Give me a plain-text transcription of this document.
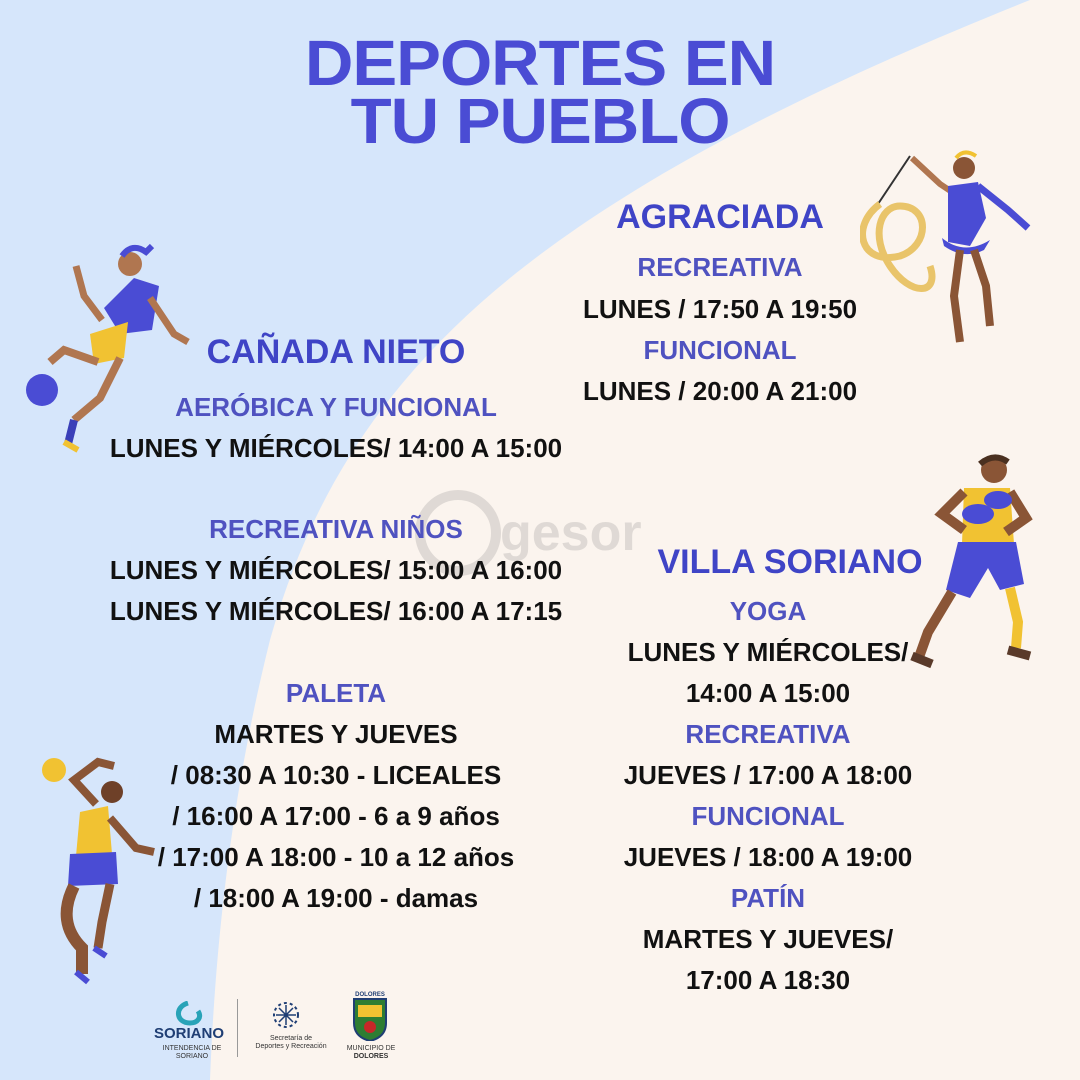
gesor
DEPORTES EN
TU PUEBLO
AGRACIADA
RECREATIVA
LUNES / 17:50 A 19:50
FUNCIONAL
LUNES / 20:00 A 21:00
CAÑADA NIETO
AERÓBICA Y FUNCIONAL
LUNES Y MIÉRCOLES/ 14:00 A 15:00
RECREATIVA NIÑOS
LUNES Y MIÉRCOLES/ 15:00 A 16:00
LUNES Y MIÉRCOLES/ 16:00 A 17:15
PALETA
MARTES Y JUEVES
/ 08:30 A 10:30 - LICEALES
/ 16:00 A 17:00 - 6 a 9 años
/ 17:00 A 18:00 - 10 a 12 años
/ 18:00 A 19:00 - damas
VILLA SORIANO
YOGA
LUNES Y MIÉRCOLES/
14:00 A 15:00
RECREATIVA
JUEVES / 17:00 A 18:00
FUNCIONAL
JUEVES / 18:00 A 19:00
PATÍN
MARTES Y JUEVES/
17:00 A 18:30
SORIANO
INTENDENCIA DE SORIANO
Secretaría de
Deportes y Recreación
DOLORES
MUNICIPIO DE
DOLORES
